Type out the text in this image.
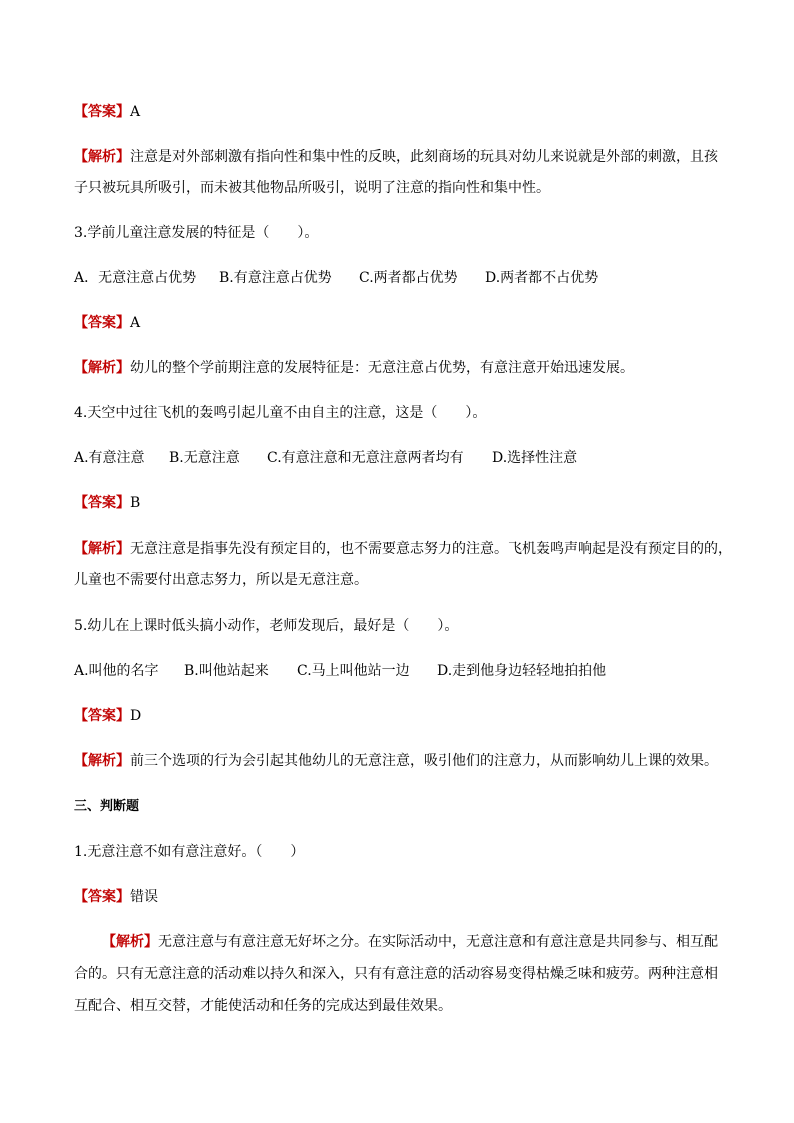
【答案】A
【解析】注意是对外部刺激有指向性和集中性的反映，此刻商场的玩具对幼儿来说就是外部的刺激，且孩
子只被玩具所吸引，而未被其他物品所吸引，说明了注意的指向性和集中性。
3.学前儿童注意发展的特征是（　　）。
A．无意注意占优势 B.有意注意占优势 C.两者都占优势 D.两者都不占优势
【答案】A
【解析】幼儿的整个学前期注意的发展特征是：无意注意占优势，有意注意开始迅速发展。
4.天空中过往飞机的轰鸣引起儿童不由自主的注意，这是（　　）。
A.有意注意 B.无意注意 C.有意注意和无意注意两者均有 D.选择性注意
【答案】B
【解析】无意注意是指事先没有预定目的，也不需要意志努力的注意。飞机轰鸣声响起是没有预定目的的，
儿童也不需要付出意志努力，所以是无意注意。
5.幼儿在上课时低头搞小动作，老师发现后，最好是（　　）。
A.叫他的名字 B.叫他站起来 C.马上叫他站一边 D.走到他身边轻轻地拍拍他
【答案】D
【解析】前三个选项的行为会引起其他幼儿的无意注意，吸引他们的注意力，从而影响幼儿上课的效果。
三、判断题
1.无意注意不如有意注意好。（　　）
【答案】错误
【解析】无意注意与有意注意无好坏之分。在实际活动中，无意注意和有意注意是共同参与、相互配
合的。只有无意注意的活动难以持久和深入，只有有意注意的活动容易变得枯燥乏味和疲劳。两种注意相
互配合、相互交替，才能使活动和任务的完成达到最佳效果。
